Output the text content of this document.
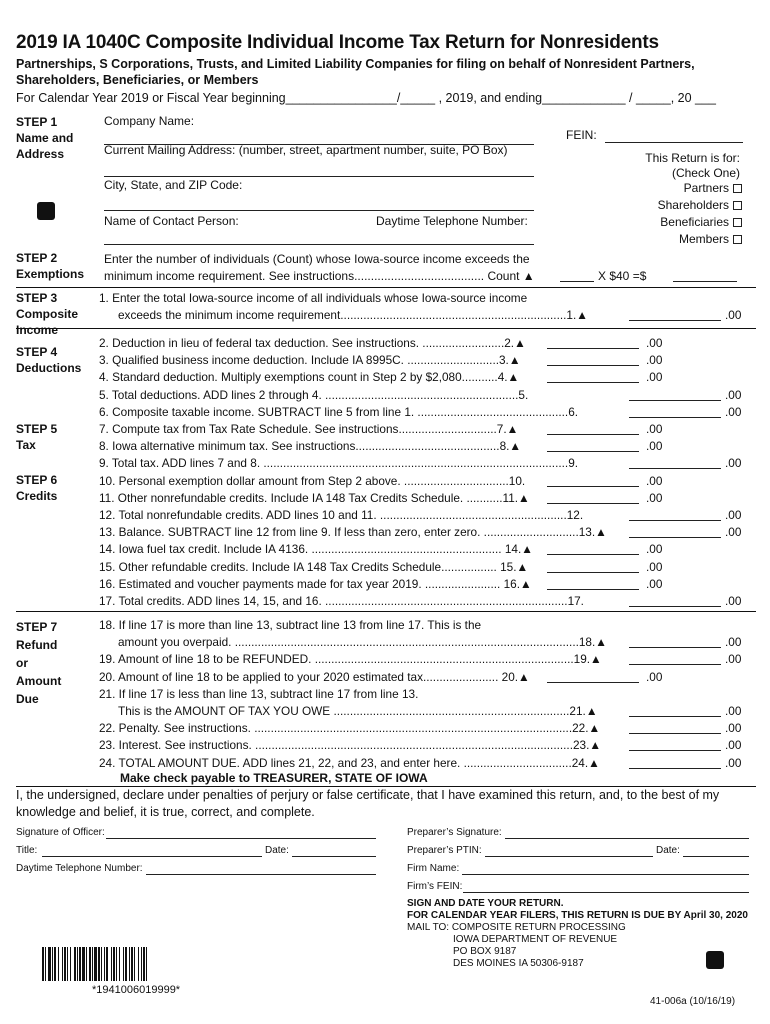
2019 IA 1040C Composite Individual Income Tax Return for Nonresidents
Partnerships, S Corporations, Trusts, and Limited Liability Companies for filing on behalf of Nonresident Partners, Shareholders, Beneficiaries, or Members
For Calendar Year 2019 or Fiscal Year beginning________________/_____ , 2019, and ending____________ / _____, 20 ___
STEP 1
Name and
Address
Company Name:
FEIN:
Current Mailing Address: (number, street, apartment number, suite, PO Box)
City, State, and ZIP Code:
Name of Contact Person:	Daytime Telephone Number:
This Return is for:
(Check One)
Partners
Shareholders
Beneficiaries
Members
STEP 2
Exemptions
Enter the number of individuals (Count) whose Iowa-source income exceeds the
minimum income requirement. See instructions....................................... Count ▲	X $40 =$
STEP 3
Composite
Income
1. Enter the total Iowa-source income of all individuals whose Iowa-source income
exceeds the minimum income requirement.....................................................................1.▲	.00
STEP 4
Deductions
STEP 5
Tax
STEP 6
Credits
2. Deduction in lieu of federal tax deduction. See instructions. .........................2.▲	.00
3. Qualified business income deduction. Include IA 8995C. ............................3.▲	.00
4. Standard deduction. Multiply exemptions count in Step 2 by $2,080...........4.▲	.00
5. Total deductions. ADD lines 2 through 4. ...........................................................5.	.00
6. Composite taxable income. SUBTRACT line 5 from line 1. ..............................................6.	.00
7. Compute tax from Tax Rate Schedule. See instructions..............................7.▲	.00
8. Iowa alternative minimum tax. See instructions............................................8.▲	.00
9. Total tax. ADD lines 7 and 8. .............................................................................................9.	.00
10. Personal exemption dollar amount from Step 2 above. ................................10.	.00
11. Other nonrefundable credits. Include IA 148 Tax Credits Schedule. ...........11.▲	.00
12. Total nonrefundable credits. ADD lines 10 and 11. .........................................................12.	.00
13. Balance. SUBTRACT line 12 from line 9. If less than zero, enter zero. .............................13.▲	.00
14. Iowa fuel tax credit. Include IA 4136. .......................................................... 14.▲	.00
15. Other refundable credits. Include IA 148 Tax Credits Schedule................. 15.▲	.00
16. Estimated and voucher payments made for tax year 2019. ....................... 16.▲	.00
17. Total credits. ADD lines 14, 15, and 16. ..........................................................................17.	.00
STEP 7
Refund
or
Amount
Due
18. If line 17 is more than line 13, subtract line 13 from line 17. This is the
amount you overpaid. .........................................................................................................18.▲	.00
19. Amount of line 18 to be REFUNDED. ...............................................................................19.▲	.00
20. Amount of line 18 to be applied to your 2020 estimated tax....................... 20.▲	.00
21. If line 17 is less than line 13, subtract line 17 from line 13.
This is the AMOUNT OF TAX YOU OWE ........................................................................21.▲	.00
22. Penalty. See instructions. .................................................................................................22.▲	.00
23. Interest. See instructions. .................................................................................................23.▲	.00
24. TOTAL AMOUNT DUE. ADD lines 21, 22, and 23, and enter here. .................................24.▲	.00
Make check payable to TREASURER, STATE OF IOWA
I, the undersigned, declare under penalties of perjury or false certificate, that I have examined this return, and, to the best of my knowledge and belief, it is true, correct, and complete.
Signature of Officer:
Title:	Date:
Daytime Telephone Number:
Preparer’s Signature:
Preparer’s PTIN:	Date:
Firm Name:
Firm’s FEIN:
SIGN AND DATE YOUR RETURN.
FOR CALENDAR YEAR FILERS, THIS RETURN IS DUE BY April 30, 2020
MAIL TO: COMPOSITE RETURN PROCESSING
IOWA DEPARTMENT OF REVENUE
PO BOX 9187
DES MOINES IA 50306-9187
*1941006019999*
41-006a (10/16/19)
